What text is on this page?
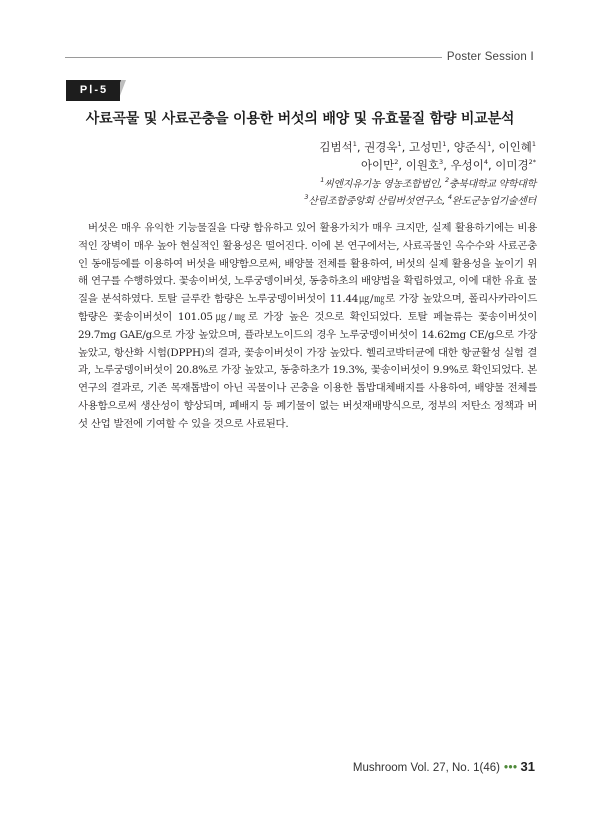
Poster Session Ⅰ
PⅠ-5
사료곡물 및 사료곤충을 이용한 버섯의 배양 및 유효물질 함량 비교분석
김범석$^1$, 권경욱$^1$, 고성민$^1$, 양준식$^1$, 이인혜$^1$
아이만$^2$, 이원호$^3$, 우성이$^4$, 이미경$^{2*}$
$^1$씨엔지유기농 영농조합법인, $^2$충북대학교 약학대학
$^3$산림조합중앙회 산림버섯연구소, $^4$완도군농업기술센터

버섯은 매우 유익한 기능물질을 다량 함유하고 있어 활용가치가 매우 크지만, 실제 활용하기에는 비용적인 장벽이 매우 높아 현실적인 활용성은 떨어진다. 이에 본 연구에서는, 사료곡물인 옥수수와 사료곤충인 동애등에를 이용하여 버섯을 배양함으로써, 배양물 전체를 활용하여, 버섯의 실제 활용성을 높이기 위해 연구를 수행하였다. 꽃송이버섯, 노루궁뎅이버섯, 동충하초의 배양법을 확립하였고, 이에 대한 유효 물질을 분석하였다. 토탈 글루칸 함량은 노루궁뎅이버섯이 11.44㎍/㎎로 가장 높았으며, 폴리사카라이드 함량은 꽃송이버섯이 101.05㎍/㎎로 가장 높은 것으로 확인되었다. 토탈 페놀류는 꽃송이버섯이 29.7mg GAE/g으로 가장 높았으며, 플라보노이드의 경우 노루궁뎅이버섯이 14.62mg CE/g으로 가장 높았고, 항산화 시험(DPPH)의 결과, 꽃송이버섯이 가장 높았다. 헬리코박터균에 대한 항균활성 실험 결과, 노루궁뎅이버섯이 20.8%로 가장 높았고, 동충하초가 19.3%, 꽃송이버섯이 9.9%로 확인되었다. 본 연구의 결과로, 기존 목재톱밥이 아닌 곡물이나 곤충을 이용한 톱밥대체배지를 사용하여, 배양물 전체를 사용함으로써 생산성이 향상되며, 폐배지 등 폐기물이 없는 버섯재배방식으로, 정부의 저탄소 정책과 버섯 산업 발전에 기여할 수 있을 것으로 사료된다.

Mushroom Vol. 27, No. 1(46) ••• 31
